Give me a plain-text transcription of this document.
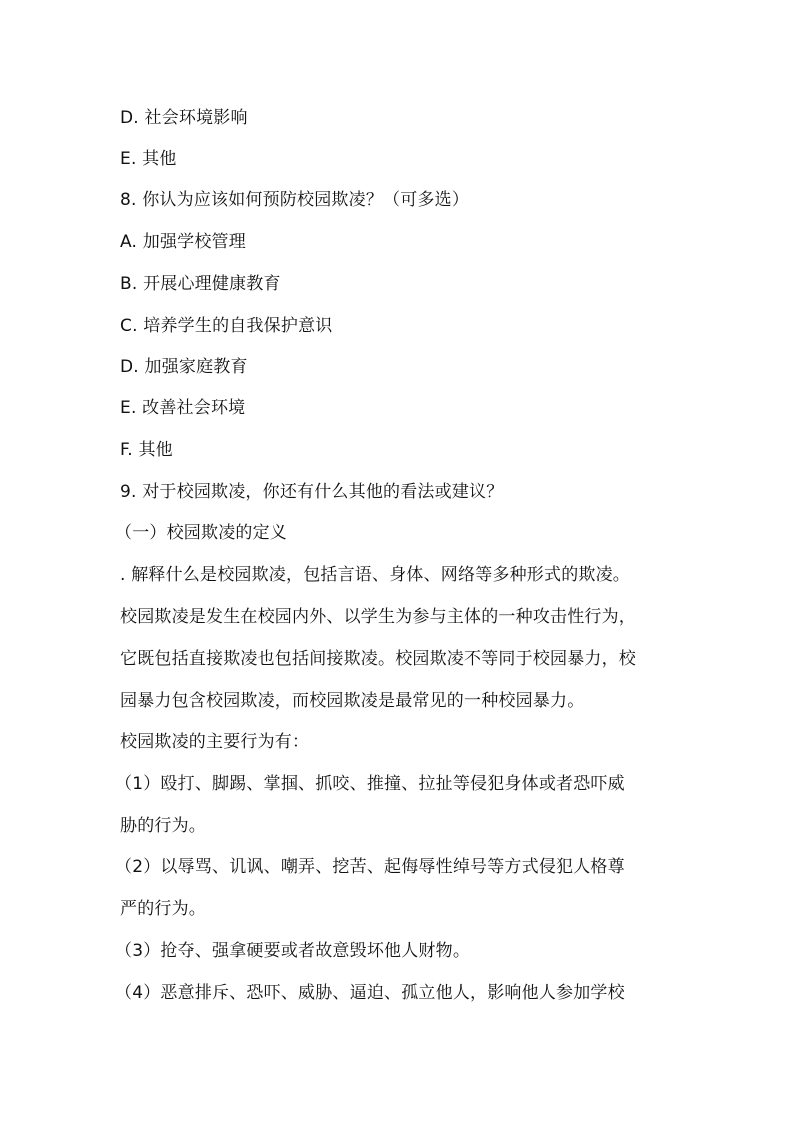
D. 社会环境影响
E. 其他
8. 你认为应该如何预防校园欺凌？（可多选）
A. 加强学校管理
B. 开展心理健康教育
C. 培养学生的自我保护意识
D. 加强家庭教育
E. 改善社会环境
F. 其他
9. 对于校园欺凌，你还有什么其他的看法或建议？
（一）校园欺凌的定义
. 解释什么是校园欺凌，包括言语、身体、网络等多种形式的欺凌。
校园欺凌是发生在校园内外、以学生为参与主体的一种攻击性行为，
它既包括直接欺凌也包括间接欺凌。校园欺凌不等同于校园暴力，校
园暴力包含校园欺凌，而校园欺凌是最常见的一种校园暴力。
校园欺凌的主要行为有：
（1）殴打、脚踢、掌掴、抓咬、推撞、拉扯等侵犯身体或者恐吓威
胁的行为。
（2）以辱骂、讥讽、嘲弄、挖苦、起侮辱性绰号等方式侵犯人格尊
严的行为。
（3）抢夺、强拿硬要或者故意毁坏他人财物。
（4）恶意排斥、恐吓、威胁、逼迫、孤立他人，影响他人参加学校
